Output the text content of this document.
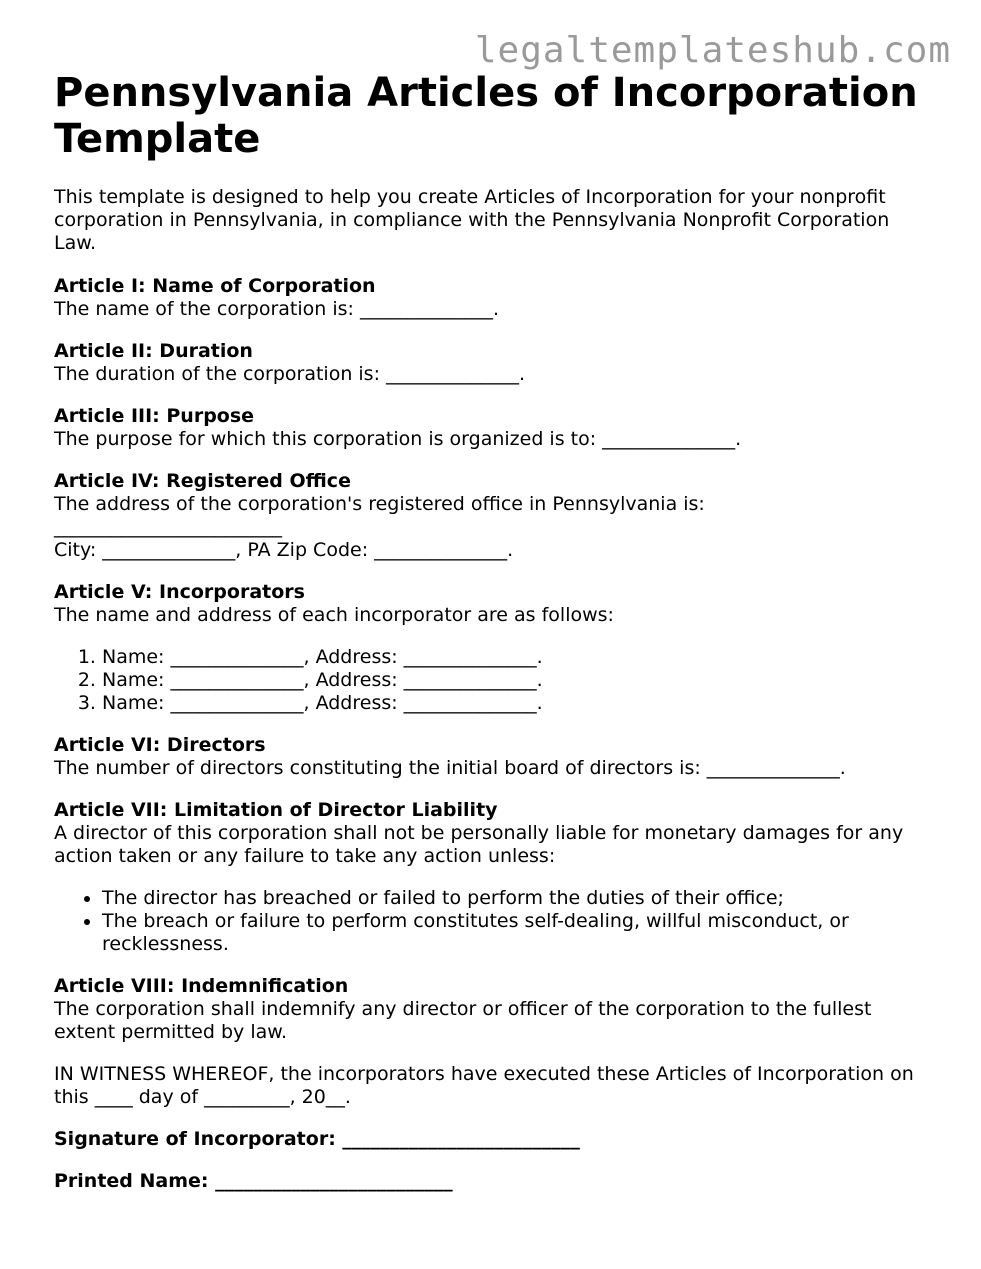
legaltemplateshub.com
Pennsylvania Articles of Incorporation Template

This template is designed to help you create Articles of Incorporation for your nonprofit corporation in Pennsylvania, in compliance with the Pennsylvania Nonprofit Corporation Law.

Article I: Name of Corporation

The name of the corporation is: ______________.

Article II: Duration

The duration of the corporation is: ______________.

Article III: Purpose

The purpose for which this corporation is organized is to: ______________.

Article IV: Registered Office

The address of the corporation's registered office in Pennsylvania is:

________________________

City: ______________, PA Zip Code: ______________.

Article V: Incorporators

The name and address of each incorporator are as follows:

1. Name: ______________, Address: ______________.
2. Name: ______________, Address: ______________.
3. Name: ______________, Address: ______________.

Article VI: Directors

The number of directors constituting the initial board of directors is: ______________.

Article VII: Limitation of Director Liability

A director of this corporation shall not be personally liable for monetary damages for any action taken or any failure to take any action unless:

• The director has breached or failed to perform the duties of their office;
• The breach or failure to perform constitutes self-dealing, willful misconduct, or recklessness.

Article VIII: Indemnification

The corporation shall indemnify any director or officer of the corporation to the fullest extent permitted by law.

IN WITNESS WHEREOF, the incorporators have executed these Articles of Incorporation on this ____ day of _________, 20__.

Signature of Incorporator: _________________________

Printed Name: _________________________
